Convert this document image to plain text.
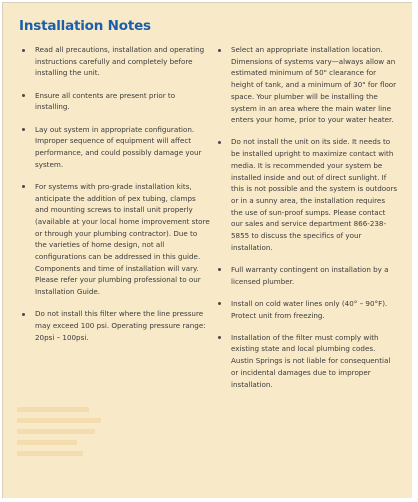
Installation Notes
Read all precautions, installation and operating instructions carefully and completely before installing the unit.
Ensure all contents are present prior to installing.
Lay out system in appropriate configuration. Improper sequence of equipment will affect performance, and could possibly damage your system.
For systems with pro-grade installation kits, anticipate the addition of pex tubing, clamps and mounting screws to install unit properly (available at your local home improvement store or through your plumbing contractor). Due to the varieties of home design, not all configurations can be addressed in this guide. Components and time of installation will vary. Please refer your plumbing professional to our Installation Guide.
Do not install this filter where the line pressure may exceed 100 psi. Operating pressure range: 20psi – 100psi.
Select an appropriate installation location. Dimensions of systems vary—always allow an estimated minimum of 50" clearance for height of tank, and a minimum of 30" for floor space. Your plumber will be installing the system in an area where the main water line enters your home, prior to your water heater.
Do not install the unit on its side. It needs to be installed upright to maximize contact with media. It is recommended your system be installed inside and out of direct sunlight. If this is not possible and the system is outdoors or in a sunny area, the installation requires the use of sun-proof sumps. Please contact our sales and service department 866-238-5855 to discuss the specifics of your installation.
Full warranty contingent on installation by a licensed plumber.
Install on cold water lines only (40° – 90°F). Protect unit from freezing.
Installation of the filter must comply with existing state and local plumbing codes. Austin Springs is not liable for consequential or incidental damages due to improper installation.
